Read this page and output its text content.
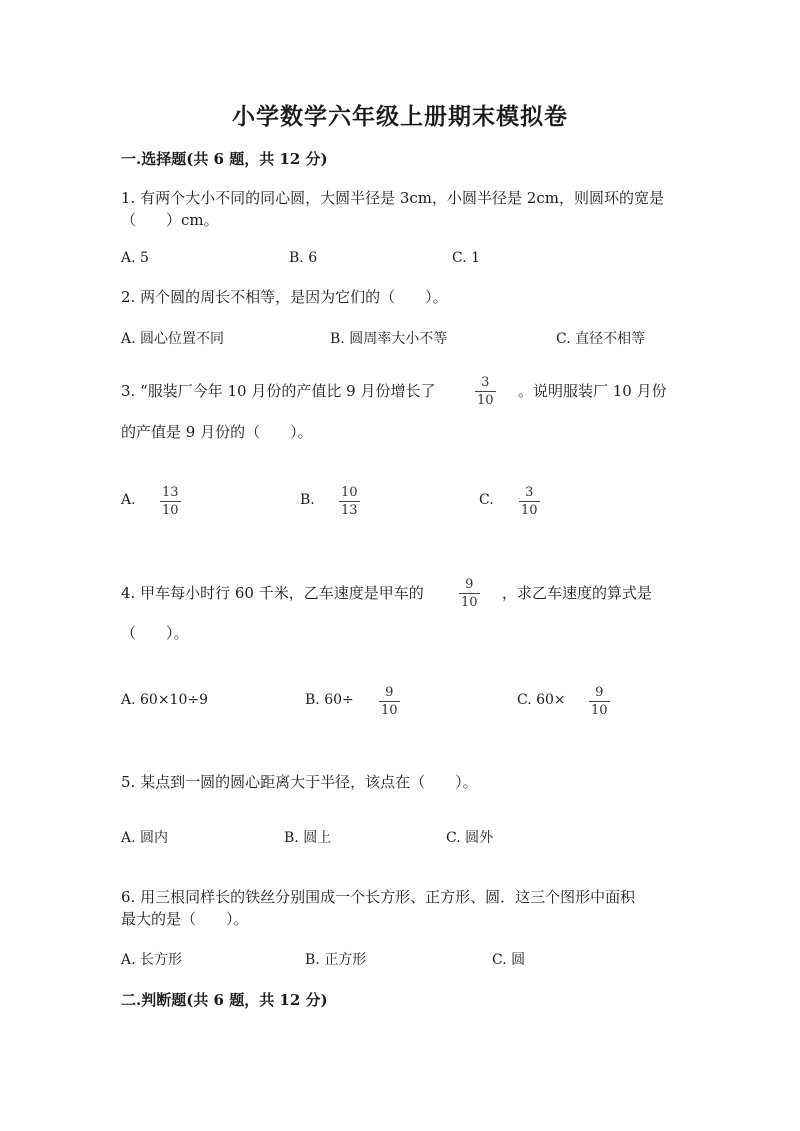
小学数学六年级上册期末模拟卷
一.选择题(共 6 题，共 12 分)
1. 有两个大小不同的同心圆，大圆半径是 3cm，小圆半径是 2cm，则圆环的宽是
（　　）cm。
A. 5	B. 6	C. 1
2. 两个圆的周长不相等，是因为它们的（　　）。
A. 圆心位置不同	B. 圆周率大小不等	C. 直径不相等
3. “服装厂今年 10 月份的产值比 9 月份增长了	3
10
。说明服装厂 10 月份
的产值是 9 月份的（　　）。
A. 13
10
B. 10
13
C. 3
10
4. 甲车每小时行 60 千米，乙车速度是甲车的	9
10
，求乙车速度的算式是
（　　）。
A. 60×10÷9	B. 60÷ 9
10
C. 60× 9
10
5. 某点到一圆的圆心距离大于半径，该点在（　　）。
A. 圆内	B. 圆上	C. 圆外
6. 用三根同样长的铁丝分别围成一个长方形、正方形、圆．这三个图形中面积
最大的是（　　）。
A. 长方形	B. 正方形	C. 圆
二.判断题(共 6 题，共 12 分)
